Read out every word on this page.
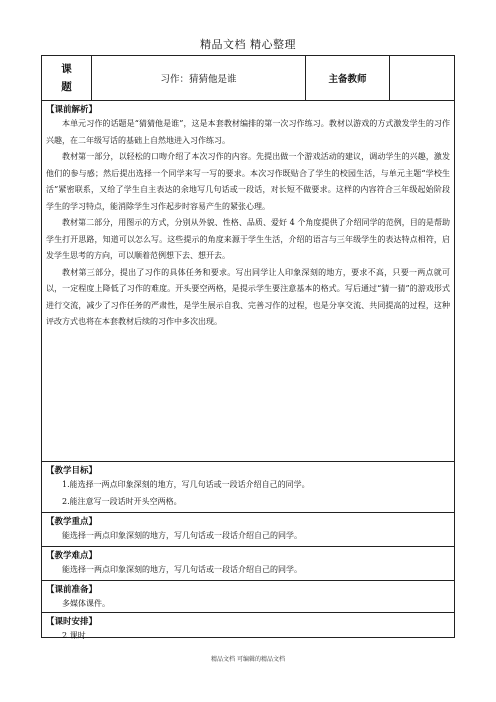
精品文档 精心整理
课
题
习作：猜猜他是谁	主备教师
【课前解析】

本单元习作的话题是“猜猜他是谁”，这是本套教材编排的第一次习作练习。教材以游戏的方式激发学生的习作兴趣，在二年级写话的基础上自然地进入习作练习。

教材第一部分，以轻松的口吻介绍了本次习作的内容。先提出做一个游戏活动的建议，调动学生的兴趣，激发他们的参与感；然后提出选择一个同学来写一写的要求。本次习作既贴合了学生的校园生活，与单元主题“学校生活”紧密联系，又给了学生自主表达的余地写几句话或一段话，对长短不做要求。这样的内容符合三年级起始阶段学生的学习特点，能消除学生习作起步时容易产生的紧张心理。

教材第二部分，用图示的方式，分别从外貌、性格、品质、爱好 4 个角度提供了介绍同学的范例，目的是帮助学生打开思路，知道可以怎么写。这些提示的角度来源于学生生活，介绍的语言与三年级学生的表达特点相符，启发学生思考的方向，可以顺着范例想下去、想开去。

教材第三部分，提出了习作的具体任务和要求。写出同学让人印象深刻的地方，要求不高，只要一两点就可以，一定程度上降低了习作的难度。开头要空两格，是提示学生要注意基本的格式。写后通过“猜一猜”的游戏形式进行交流，减少了习作任务的严肃性，是学生展示自我、完善习作的过程，也是分享交流、共同提高的过程，这种评改方式也将在本套教材后续的习作中多次出现。

【教学目标】

1.能选择一两点印象深刻的地方，写几句话或一段话介绍自己的同学。

2.能注意写一段话时开头空两格。

【教学重点】

能选择一两点印象深刻的地方，写几句话或一段话介绍自己的同学。

【教学难点】

能选择一两点印象深刻的地方，写几句话或一段话介绍自己的同学。

【课前准备】

多媒体课件。

【课时安排】

2 课时

精品文档 可编辑的精品文档
